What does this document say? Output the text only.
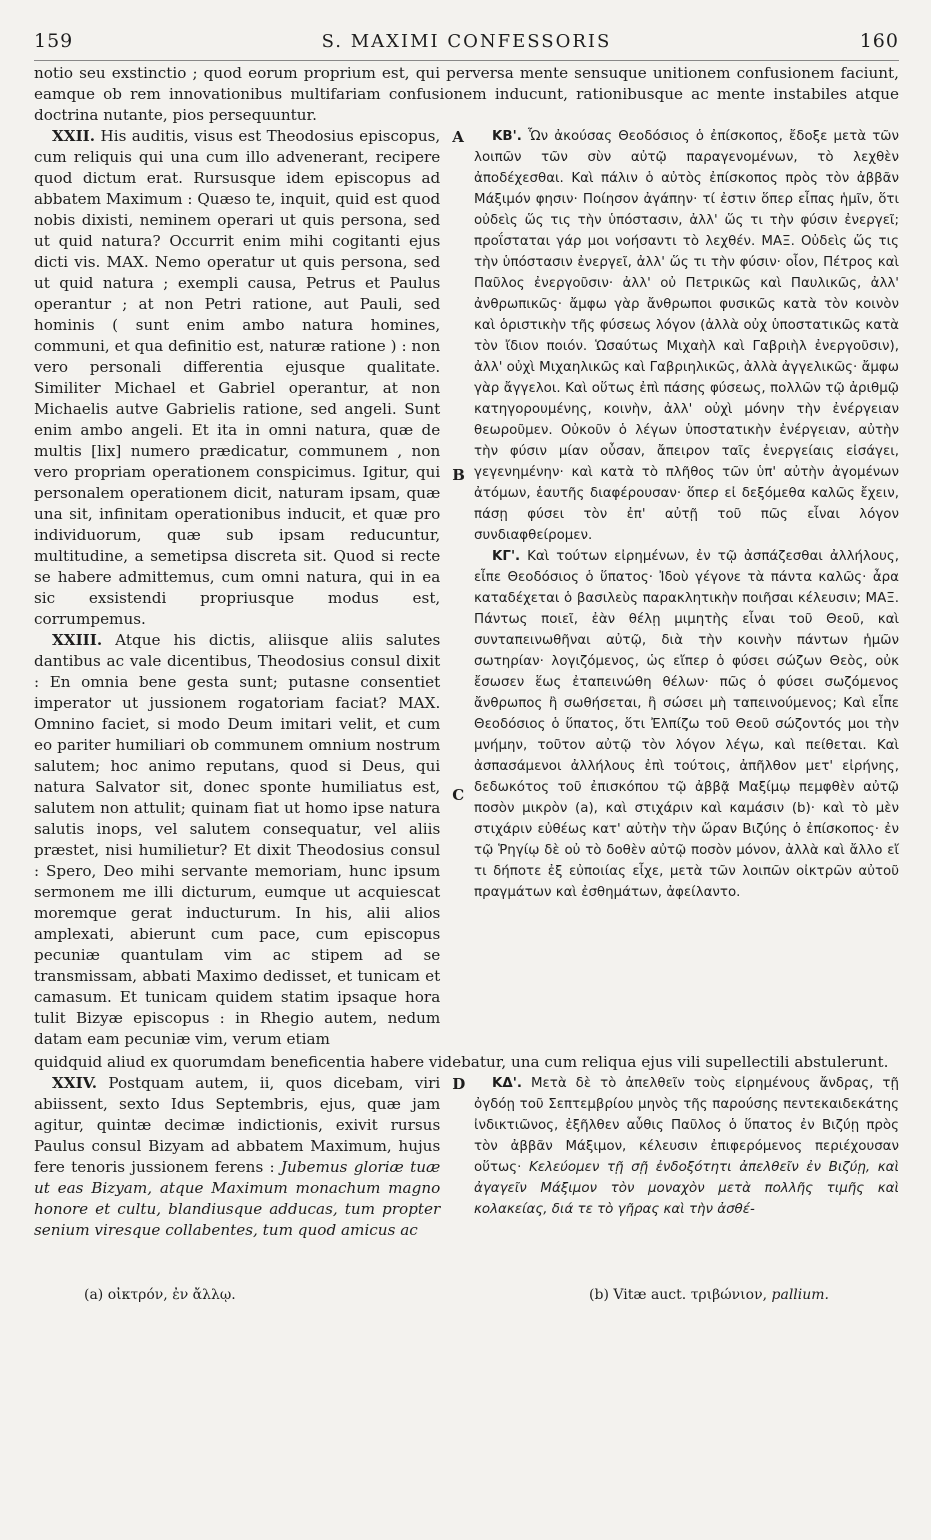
159	S. MAXIMI CONFESSORIS	160

notio seu exstinctio ; quod eorum proprium est, qui perversa mente sensuque unitionem confusionem faciunt, eamque ob rem innovationibus multifariam confusionem inducunt, rationibusque ac mente instabiles atque doctrina nutante, pios persequuntur.

XXII. His auditis, visus est Theodosius episcopus, cum reliquis qui una cum illo advenerant, recipere quod dictum erat. Rursusque idem episcopus ad abbatem Maximum : Quæso te, inquit, quid est quod nobis dixisti, neminem operari ut quis persona, sed ut quid natura? Occurrit enim mihi cogitanti ejus dicti vis. MAX. Nemo operatur ut quis persona, sed ut quid natura ; exempli causa, Petrus et Paulus operantur ; at non Petri ratione, aut Pauli, sed hominis ( sunt enim ambo natura homines, communi, et qua definitio est, naturæ ratione ) : non vero personali differentia ejusque qualitate. Similiter Michael et Gabriel operantur, at non Michaelis autve Gabrielis ratione, sed angeli. Sunt enim ambo angeli. Et ita in omni natura, quæ de multis [lix] numero prædicatur, communem , non vero propriam operationem conspicimus. Igitur, qui personalem operationem dicit, naturam ipsam, quæ una sit, infinitam operationibus inducit, et quæ pro individuorum, quæ sub ipsam reducuntur, multitudine, a semetipsa discreta sit. Quod si recte se habere admittemus, cum omni natura, qui in ea sic exsistendi propriusque modus est, corrumpemus.

XXIII. Atque his dictis, aliisque aliis salutes dantibus ac vale dicentibus, Theodosius consul dixit : En omnia bene gesta sunt; putasne consentiet imperator ut jussionem rogatoriam faciat? MAX. Omnino faciet, si modo Deum imitari velit, et cum eo pariter humiliari ob communem omnium nostrum salutem; hoc animo reputans, quod si Deus, qui natura Salvator sit, donec sponte humiliatus est, salutem non attulit; quinam fiat ut homo ipse natura salutis inops, vel salutem consequatur, vel aliis præstet, nisi humilietur? Et dixit Theodosius consul : Spero, Deo mihi servante memoriam, hunc ipsum sermonem me illi dicturum, eumque ut acquiescat moremque gerat inducturum. In his, alii alios amplexati, abierunt cum pace, cum episcopus pecuniæ quantulam vim ac stipem ad se transmissam, abbati Maximo dedisset, et tunicam et camasum. Et tunicam quidem statim ipsaque hora tulit Bizyæ episcopus : in Rhegio autem, nedum datam eam pecuniæ vim, verum etiam

A
B
C

ΚΒ'. Ὧν ἀκούσας Θεοδόσιος ὁ ἐπίσκοπος, ἔδοξε μετὰ τῶν λοιπῶν τῶν σὺν αὐτῷ παραγενομένων, τὸ λεχθὲν ἀποδέχεσθαι. Καὶ πάλιν ὁ αὐτὸς ἐπίσκοπος πρὸς τὸν ἀββᾶν Μάξιμόν φησιν· Ποίησον ἀγάπην· τί ἐστιν ὅπερ εἶπας ἡμῖν, ὅτι οὐδεὶς ὥς τις τὴν ὑπόστασιν, ἀλλ' ὥς τι τὴν φύσιν ἐνεργεῖ; προΐσταται γάρ μοι νοήσαντι τὸ λεχθέν. ΜΑΞ. Οὐδεὶς ὥς τις τὴν ὑπόστασιν ἐνεργεῖ, ἀλλ' ὥς τι τὴν φύσιν· οἷον, Πέτρος καὶ Παῦλος ἐνεργοῦσιν· ἀλλ' οὐ Πετρικῶς καὶ Παυλικῶς, ἀλλ' ἀνθρωπικῶς· ἄμφω γὰρ ἄνθρωποι φυσικῶς κατὰ τὸν κοινὸν καὶ ὁριστικὴν τῆς φύσεως λόγον (ἀλλὰ οὐχ ὑποστατικῶς κατὰ τὸν ἴδιον ποιόν. Ὡσαύτως Μιχαὴλ καὶ Γαβριὴλ ἐνεργοῦσιν), ἀλλ' οὐχὶ Μιχαηλικῶς καὶ Γαβριηλικῶς, ἀλλὰ ἀγγελικῶς· ἄμφω γὰρ ἄγγελοι. Καὶ οὕτως ἐπὶ πάσης φύσεως, πολλῶν τῷ ἀριθμῷ κατηγορουμένης, κοινὴν, ἀλλ' οὐχὶ μόνην τὴν ἐνέργειαν θεωροῦμεν. Οὐκοῦν ὁ λέγων ὑποστατικὴν ἐνέργειαν, αὐτὴν τὴν φύσιν μίαν οὖσαν, ἄπειρον ταῖς ἐνεργείαις εἰσάγει, γεγενημένην· καὶ κατὰ τὸ πλῆθος τῶν ὑπ' αὐτὴν ἀγομένων ἀτόμων, ἑαυτῆς διαφέρουσαν· ὅπερ εἰ δεξόμεθα καλῶς ἔχειν, πάσῃ φύσει τὸν ἐπ' αὐτῇ τοῦ πῶς εἶναι λόγον συνδιαφθείρομεν.

ΚΓ'. Καὶ τούτων εἰρημένων, ἐν τῷ ἀσπάζεσθαι ἀλλήλους, εἶπε Θεοδόσιος ὁ ὕπατος· Ἰδοὺ γέγονε τὰ πάντα καλῶς· ἆρα καταδέχεται ὁ βασιλεὺς παρακλητικὴν ποιῆσαι κέλευσιν; ΜΑΞ. Πάντως ποιεῖ, ἐὰν θέλῃ μιμητὴς εἶναι τοῦ Θεοῦ, καὶ συνταπεινωθῆναι αὐτῷ, διὰ τὴν κοινὴν πάντων ἡμῶν σωτηρίαν· λογιζόμενος, ὡς εἴπερ ὁ φύσει σώζων Θεὸς, οὐκ ἔσωσεν ἕως ἐταπεινώθη θέλων· πῶς ὁ φύσει σωζόμενος ἄνθρωπος ἢ σωθήσεται, ἢ σώσει μὴ ταπεινούμενος; Καὶ εἶπε Θεοδόσιος ὁ ὕπατος, ὅτι Ἐλπίζω τοῦ Θεοῦ σώζοντός μοι τὴν μνήμην, τοῦτον αὐτῷ τὸν λόγον λέγω, καὶ πείθεται. Καὶ ἀσπασάμενοι ἀλλήλους ἐπὶ τούτοις, ἀπῆλθον μετ' εἰρήνης, δεδωκότος τοῦ ἐπισκόπου τῷ ἀββᾷ Μαξίμῳ πεμφθὲν αὐτῷ ποσὸν μικρὸν (a), καὶ στιχάριν καὶ καμάσιν (b)· καὶ τὸ μὲν στιχάριν εὐθέως κατ' αὐτὴν τὴν ὥραν Βιζύης ὁ ἐπίσκοπος· ἐν τῷ Ῥηγίῳ δὲ οὐ τὸ δοθὲν αὐτῷ ποσὸν μόνον, ἀλλὰ καὶ ἄλλο εἴ τι δήποτε ἐξ εὐποιίας εἶχε, μετὰ τῶν λοιπῶν οἰκτρῶν αὐτοῦ πραγμάτων καὶ ἐσθημάτων, ἀφείλαντο.

quidquid aliud ex quorumdam beneficentia habere videbatur, una cum reliqua ejus vili supellectili abstulerunt.

XXIV. Postquam autem, ii, quos dicebam, viri abiissent, sexto Idus Septembris, ejus, quæ jam agitur, quintæ decimæ indictionis, exivit rursus Paulus consul Bizyam ad abbatem Maximum, hujus fere tenoris jussionem ferens : Jubemus gloriæ tuæ ut eas Bizyam, atque Maximum monachum magno honore et cultu, blandiusque adducas, tum propter senium viresque collabentes, tum quod amicus ac

D	ΚΔ'. Μετὰ δὲ τὸ ἀπελθεῖν τοὺς εἰρημένους ἄνδρας, τῇ ὀγδόῃ τοῦ Σεπτεμβρίου μηνὸς τῆς παρούσης πεντεκαιδεκάτης ἰνδικτιῶνος, ἐξῆλθεν αὖθις Παῦλος ὁ ὕπατος ἐν Βιζύῃ πρὸς τὸν ἀββᾶν Μάξιμον, κέλευσιν ἐπιφερόμενος περιέχουσαν οὕτως· Κελεύομεν τῇ σῇ ἐνδοξότητι ἀπελθεῖν ἐν Βιζύῃ, καὶ ἀγαγεῖν Μάξιμον τὸν μοναχὸν μετὰ πολλῆς τιμῆς καὶ κολακείας, διά τε τὸ γῆρας καὶ τὴν ἀσθέ-

(a) οἰκτρόν, ἐν ἄλλῳ.	(b) Vitæ auct. τριβώνιον, pallium.
